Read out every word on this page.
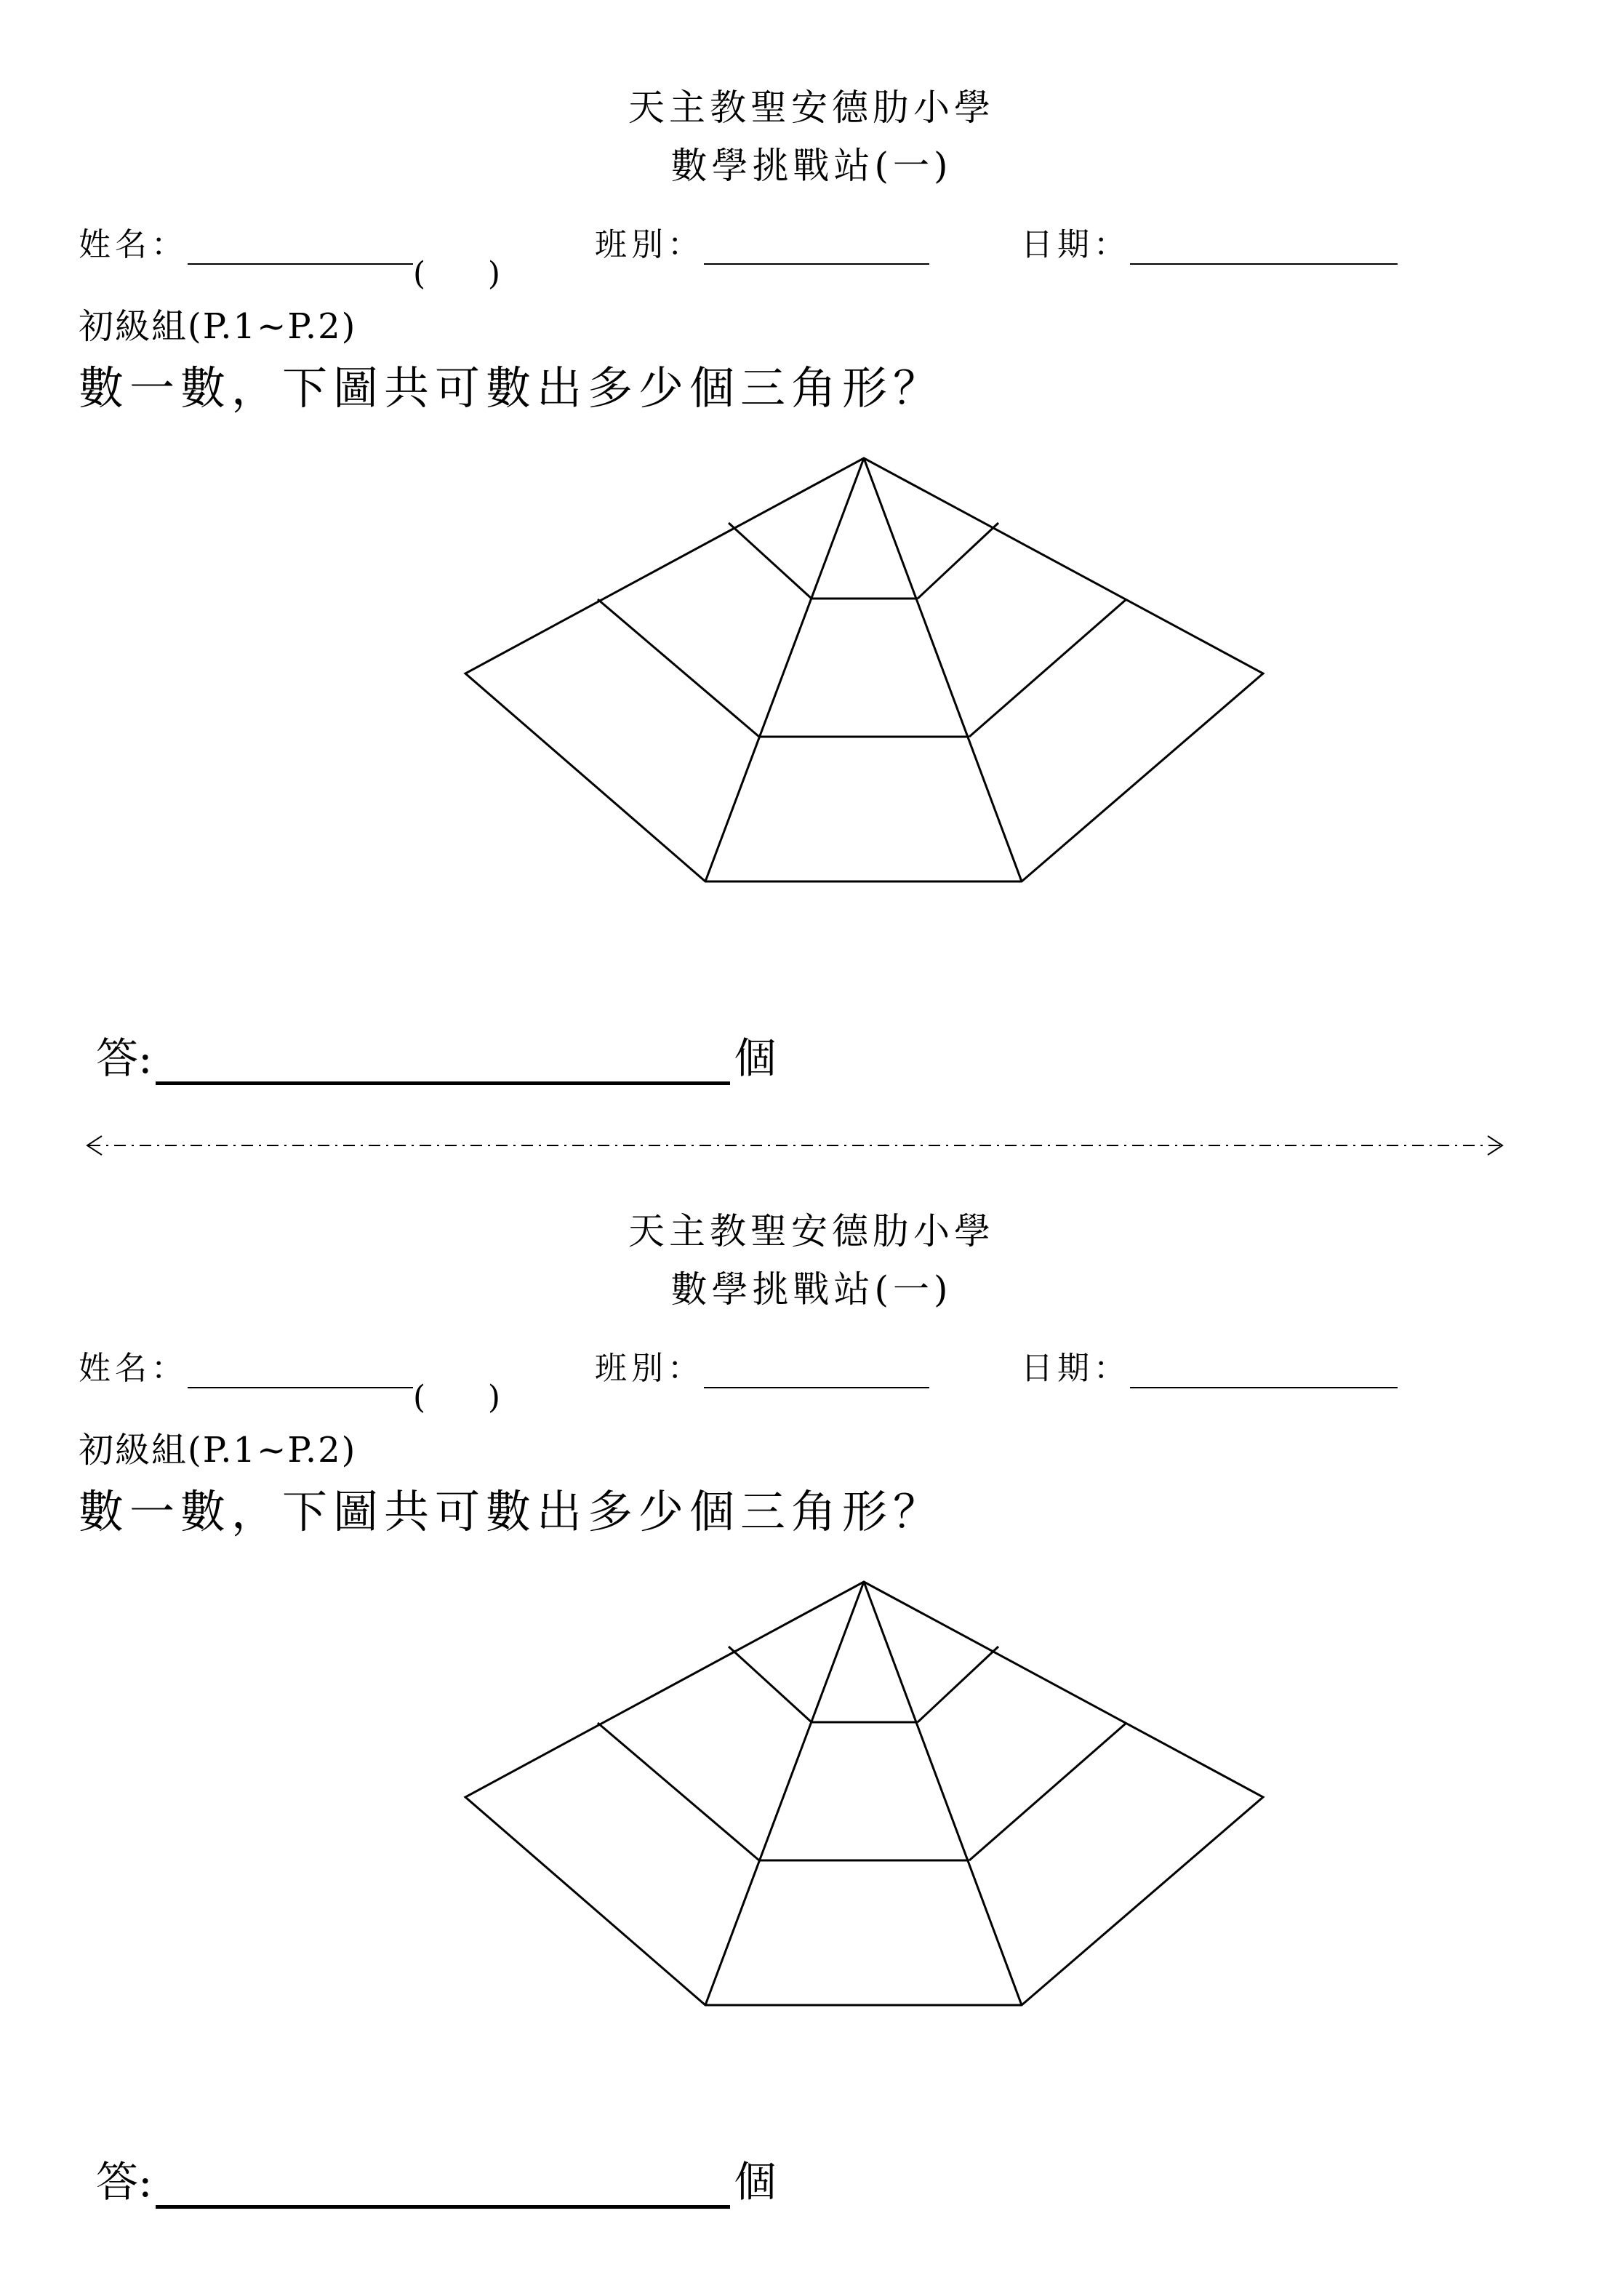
天主教聖安德肋小學
數學挑戰站(一)
姓名：
( )
班別：	日期：
初級組(P.1~P.2)
數一數，下圖共可數出多少個三角形？
答:	個
天主教聖安德肋小學
數學挑戰站(一)
姓名：
( )
班別：	日期：
初級組(P.1~P.2)
數一數，下圖共可數出多少個三角形？
答:	個
